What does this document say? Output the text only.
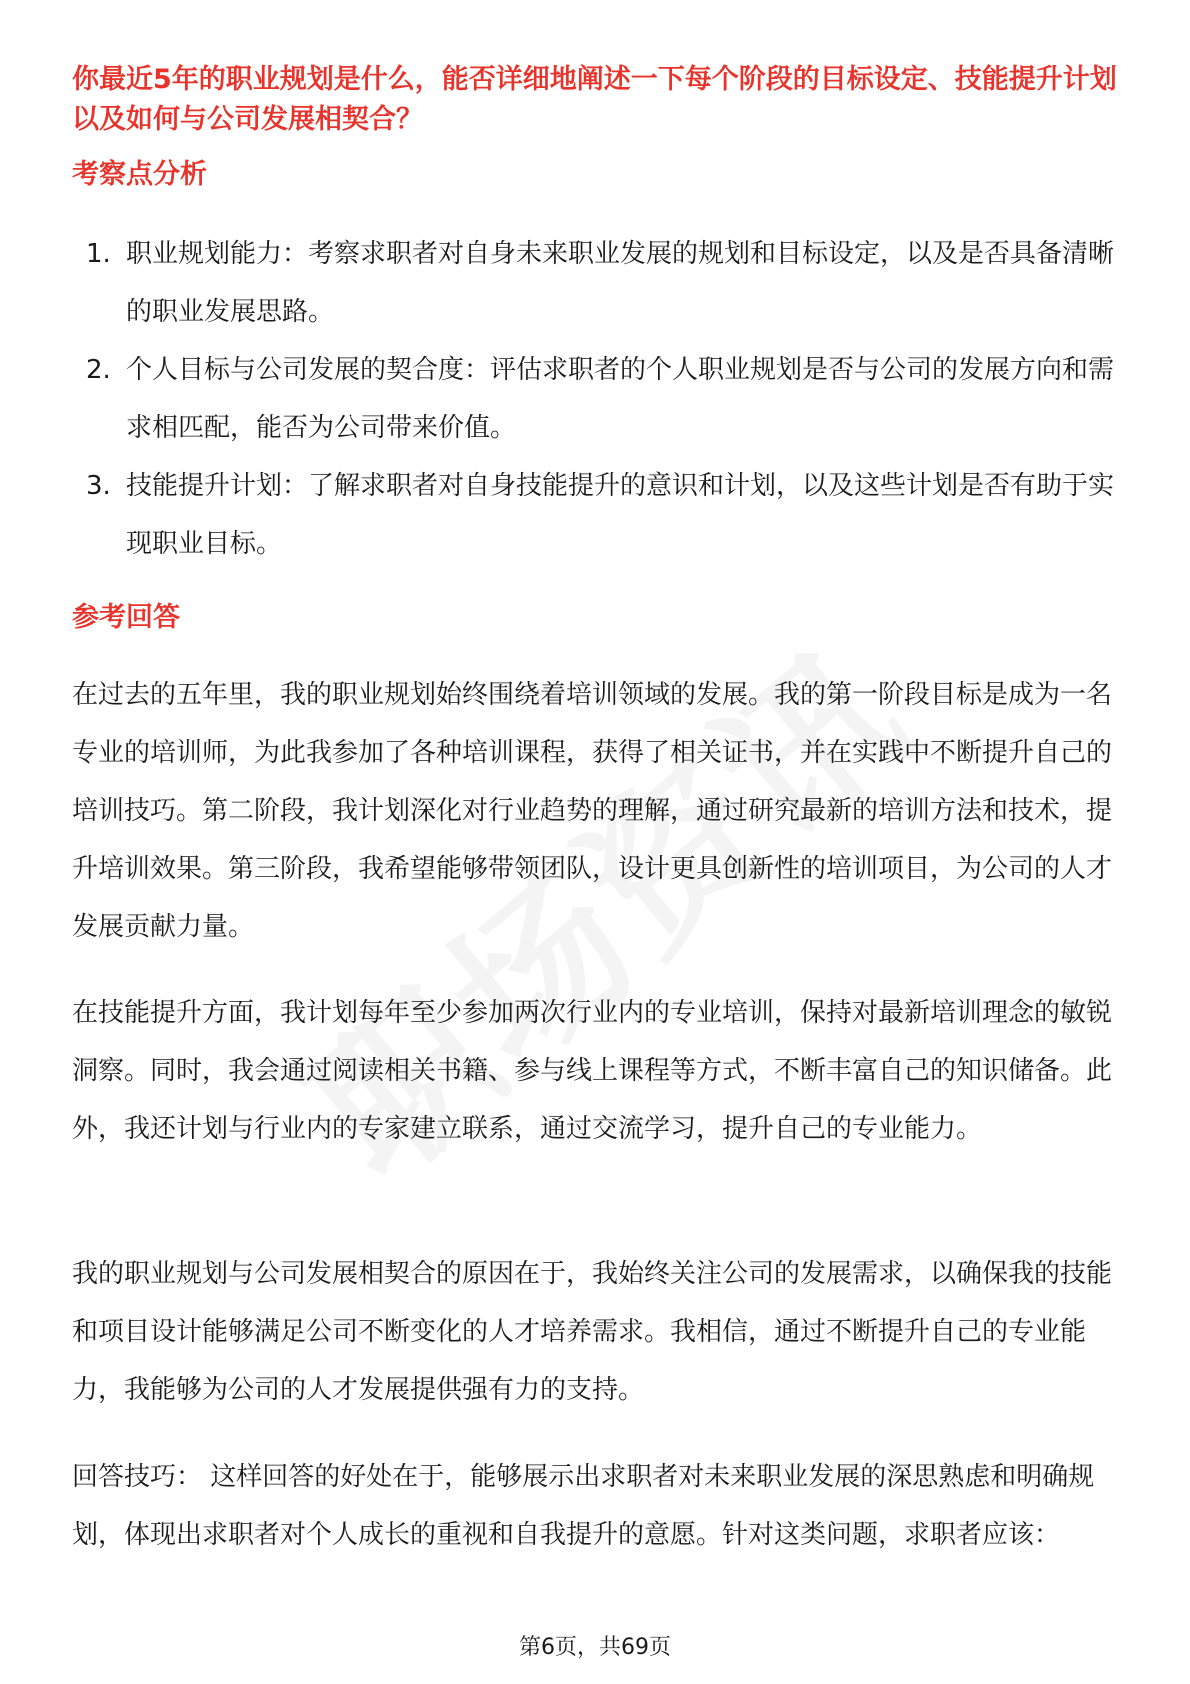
你最近5年的职业规划是什么，能否详细地阐述一下每个阶段的目标设定、技能提升计划以及如何与公司发展相契合？

考察点分析
1. 职业规划能力：考察求职者对自身未来职业发展的规划和目标设定，以及是否具备清晰的职业发展思路。
2. 个人目标与公司发展的契合度：评估求职者的个人职业规划是否与公司的发展方向和需求相匹配，能否为公司带来价值。
3. 技能提升计划：了解求职者对自身技能提升的意识和计划，以及这些计划是否有助于实现职业目标。
参考回答

在过去的五年里，我的职业规划始终围绕着培训领域的发展。我的第一阶段目标是成为一名专业的培训师，为此我参加了各种培训课程，获得了相关证书，并在实践中不断提升自己的培训技巧。第二阶段，我计划深化对行业趋势的理解，通过研究最新的培训方法和技术，提升培训效果。第三阶段，我希望能够带领团队，设计更具创新性的培训项目，为公司的人才发展贡献力量。

在技能提升方面，我计划每年至少参加两次行业内的专业培训，保持对最新培训理念的敏锐洞察。同时，我会通过阅读相关书籍、参与线上课程等方式，不断丰富自己的知识储备。此外，我还计划与行业内的专家建立联系，通过交流学习，提升自己的专业能力。

我的职业规划与公司发展相契合的原因在于，我始终关注公司的发展需求，以确保我的技能和项目设计能够满足公司不断变化的人才培养需求。我相信，通过不断提升自己的专业能力，我能够为公司的人才发展提供强有力的支持。

回答技巧： 这样回答的好处在于，能够展示出求职者对未来职业发展的深思熟虑和明确规划，体现出求职者对个人成长的重视和自我提升的意愿。针对这类问题，求职者应该：

第6页，共69页
